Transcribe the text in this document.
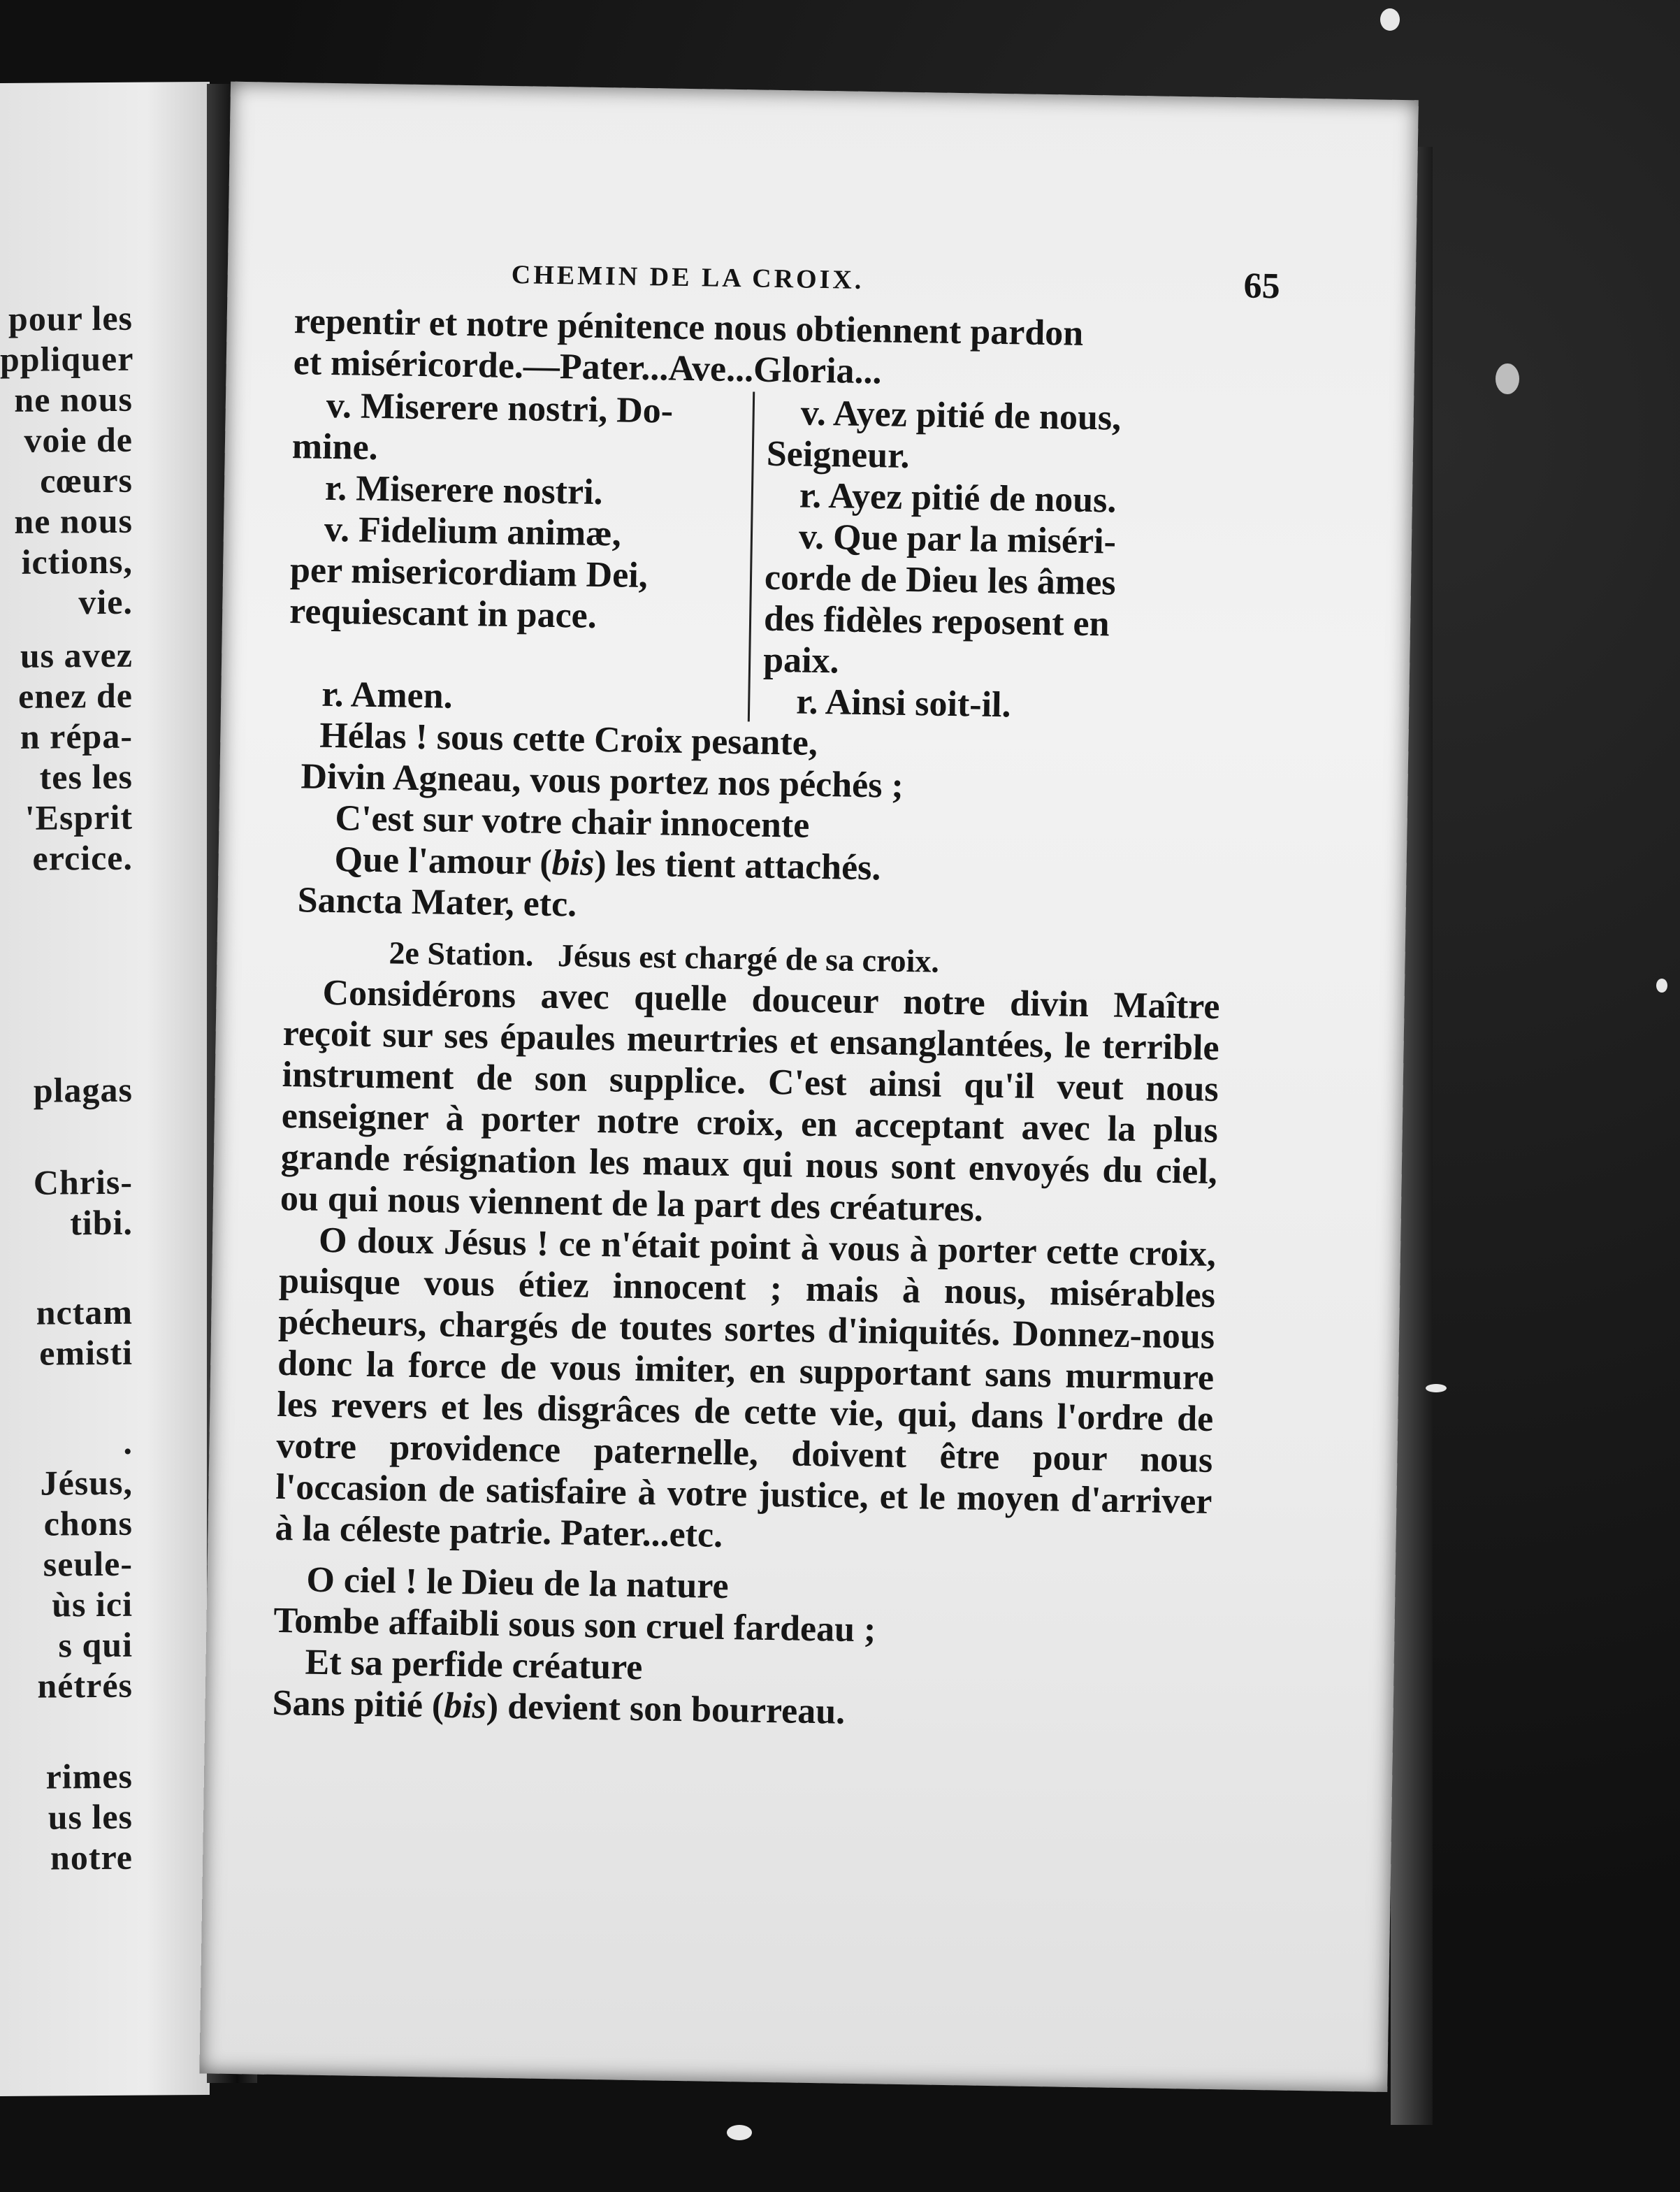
pour les
ppliquer
ne nous
voie de
cœurs
ne nous
ictions,
vie.
us avez
enez de
n répa-
tes les
'Esprit
ercice.
plagas
Chris-
tibi.
nctam
emisti
.
Jésus,
chons
seule-
ùs ici
s qui
nétrés
rimes
us les
notre
CHEMIN DE LA CROIX.	65

repentir et notre pénitence nous obtiennent pardon

et miséricorde.—Pater...Ave...Gloria...

v. Miserere nostri, Do-

mine.

r. Miserere nostri.

v. Fidelium animæ,

per misericordiam Dei,

requiescant in pace.

r. Amen.

v. Ayez pitié de nous,

Seigneur.

r. Ayez pitié de nous.

v. Que par la miséri-

corde de Dieu les âmes

des fidèles reposent en

paix.

r. Ainsi soit-il.

Hélas ! sous cette Croix pesante,

Divin Agneau, vous portez nos péchés ;

C'est sur votre chair innocente

Que l'amour (bis) les tient attachés.

Sancta Mater, etc.

2e Station. Jésus est chargé de sa croix.

Considérons avec quelle douceur notre divin Maître reçoit sur ses épaules meurtries et ensanglantées, le terrible instrument de son supplice. C'est ainsi qu'il veut nous enseigner à porter notre croix, en acceptant avec la plus grande résignation les maux qui nous sont envoyés du ciel, ou qui nous viennent de la part des créatures.

O doux Jésus ! ce n'était point à vous à porter cette croix, puisque vous étiez innocent ; mais à nous, misérables pécheurs, chargés de toutes sortes d'iniquités. Donnez-nous donc la force de vous imiter, en supportant sans murmure les revers et les disgrâces de cette vie, qui, dans l'ordre de votre providence paternelle, doivent être pour nous l'occasion de satisfaire à votre justice, et le moyen d'arriver à la céleste patrie. Pater...etc.

O ciel ! le Dieu de la nature

Tombe affaibli sous son cruel fardeau ;

Et sa perfide créature

Sans pitié (bis) devient son bourreau.
